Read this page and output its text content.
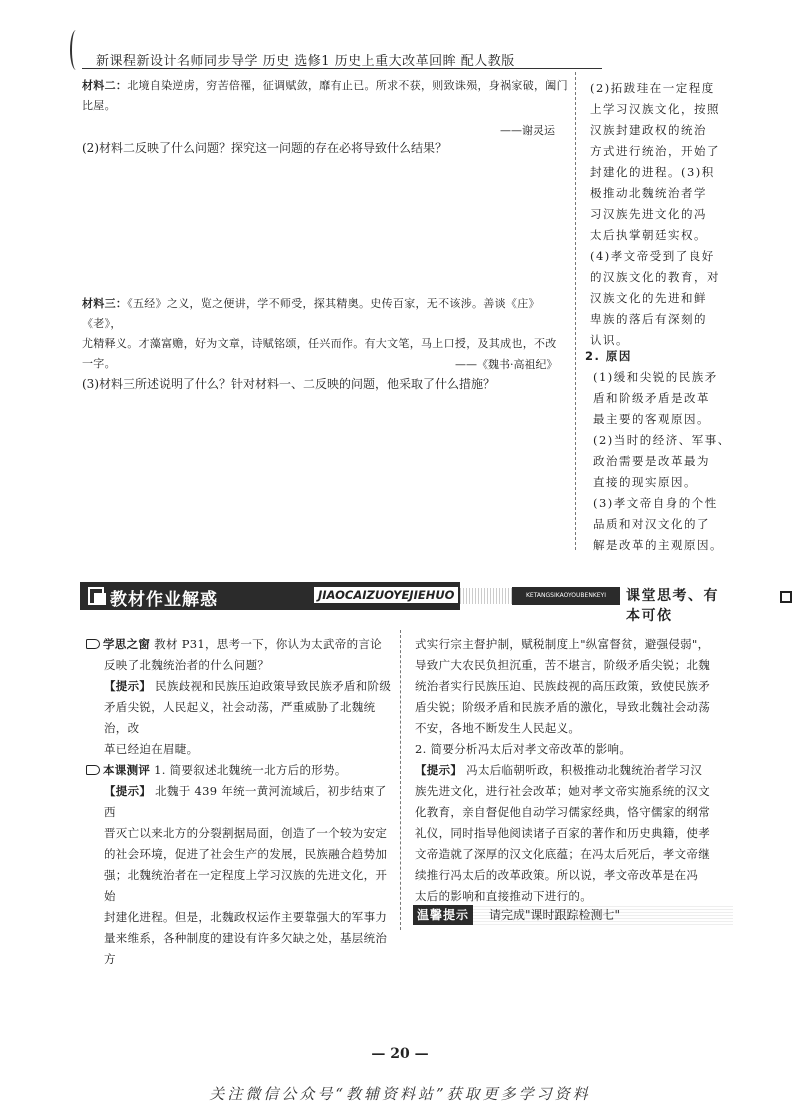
新课程新设计名师同步导学 历史 选修1 历史上重大改革回眸 配人教版
材料二：北境自染逆虏，穷苦倍罹，征调赋敛，靡有止已。所求不获，则致诛殒，身祸家破，阖门
比屋。
——谢灵运
(2)材料二反映了什么问题？探究这一问题的存在必将导致什么结果？
材料三：《五经》之义，览之便讲，学不师受，探其精奥。史传百家，无不该涉。善谈《庄》《老》，
尤精释义。才藻富赡，好为文章，诗赋铭颂，任兴而作。有大文笔，马上口授，及其成也，不改
一字。	——《魏书·高祖纪》
(3)材料三所述说明了什么？针对材料一、二反映的问题，他采取了什么措施？
(2)拓跋珪在一定程度
上学习汉族文化，按照
汉族封建政权的统治
方式进行统治，开始了
封建化的进程。(3)积
极推动北魏统治者学
习汉族先进文化的冯
太后执掌朝廷实权。
(4)孝文帝受到了良好
的汉族文化的教育，对
汉族文化的先进和鲜
卑族的落后有深刻的
认识。
2. 原因
(1)缓和尖锐的民族矛
盾和阶级矛盾是改革
最主要的客观原因。
(2)当时的经济、军事、
政治需要是改革最为
直接的现实原因。
(3)孝文帝自身的个性
品质和对汉文化的了
解是改革的主观原因。
教材作业解惑	JIAOCAIZUOYEJIEHUO	KETANGSIKAOYOUBENKEYI	课堂思考、有本可依
学思之窗 教材 P31，思考一下，你认为太武帝的言论
反映了北魏统治者的什么问题？
【提示】 民族歧视和民族压迫政策导致民族矛盾和阶级
矛盾尖锐，人民起义，社会动荡，严重威胁了北魏统治，改
革已经迫在眉睫。
本课测评 1. 简要叙述北魏统一北方后的形势。
【提示】 北魏于 439 年统一黄河流域后，初步结束了西
晋灭亡以来北方的分裂割据局面，创造了一个较为安定
的社会环境，促进了社会生产的发展，民族融合趋势加
强；北魏统治者在一定程度上学习汉族的先进文化，开始
封建化进程。但是，北魏政权运作主要靠强大的军事力
量来维系，各种制度的建设有许多欠缺之处，基层统治方
式实行宗主督护制，赋税制度上"纵富督贫，避强侵弱"，
导致广大农民负担沉重，苦不堪言，阶级矛盾尖锐；北魏
统治者实行民族压迫、民族歧视的高压政策，致使民族矛
盾尖锐；阶级矛盾和民族矛盾的激化，导致北魏社会动荡
不安，各地不断发生人民起义。
2. 简要分析冯太后对孝文帝改革的影响。
【提示】 冯太后临朝听政，积极推动北魏统治者学习汉
族先进文化，进行社会改革；她对孝文帝实施系统的汉文
化教育，亲自督促他自动学习儒家经典，恪守儒家的纲常
礼仪，同时指导他阅读诸子百家的著作和历史典籍，使孝
文帝造就了深厚的汉文化底蕴；在冯太后死后，孝文帝继
续推行冯太后的改革政策。所以说，孝文帝改革是在冯
太后的影响和直接推动下进行的。
温馨提示	请完成"课时跟踪检测七"
— 20 —
关注微信公众号“教辅资料站”获取更多学习资料
